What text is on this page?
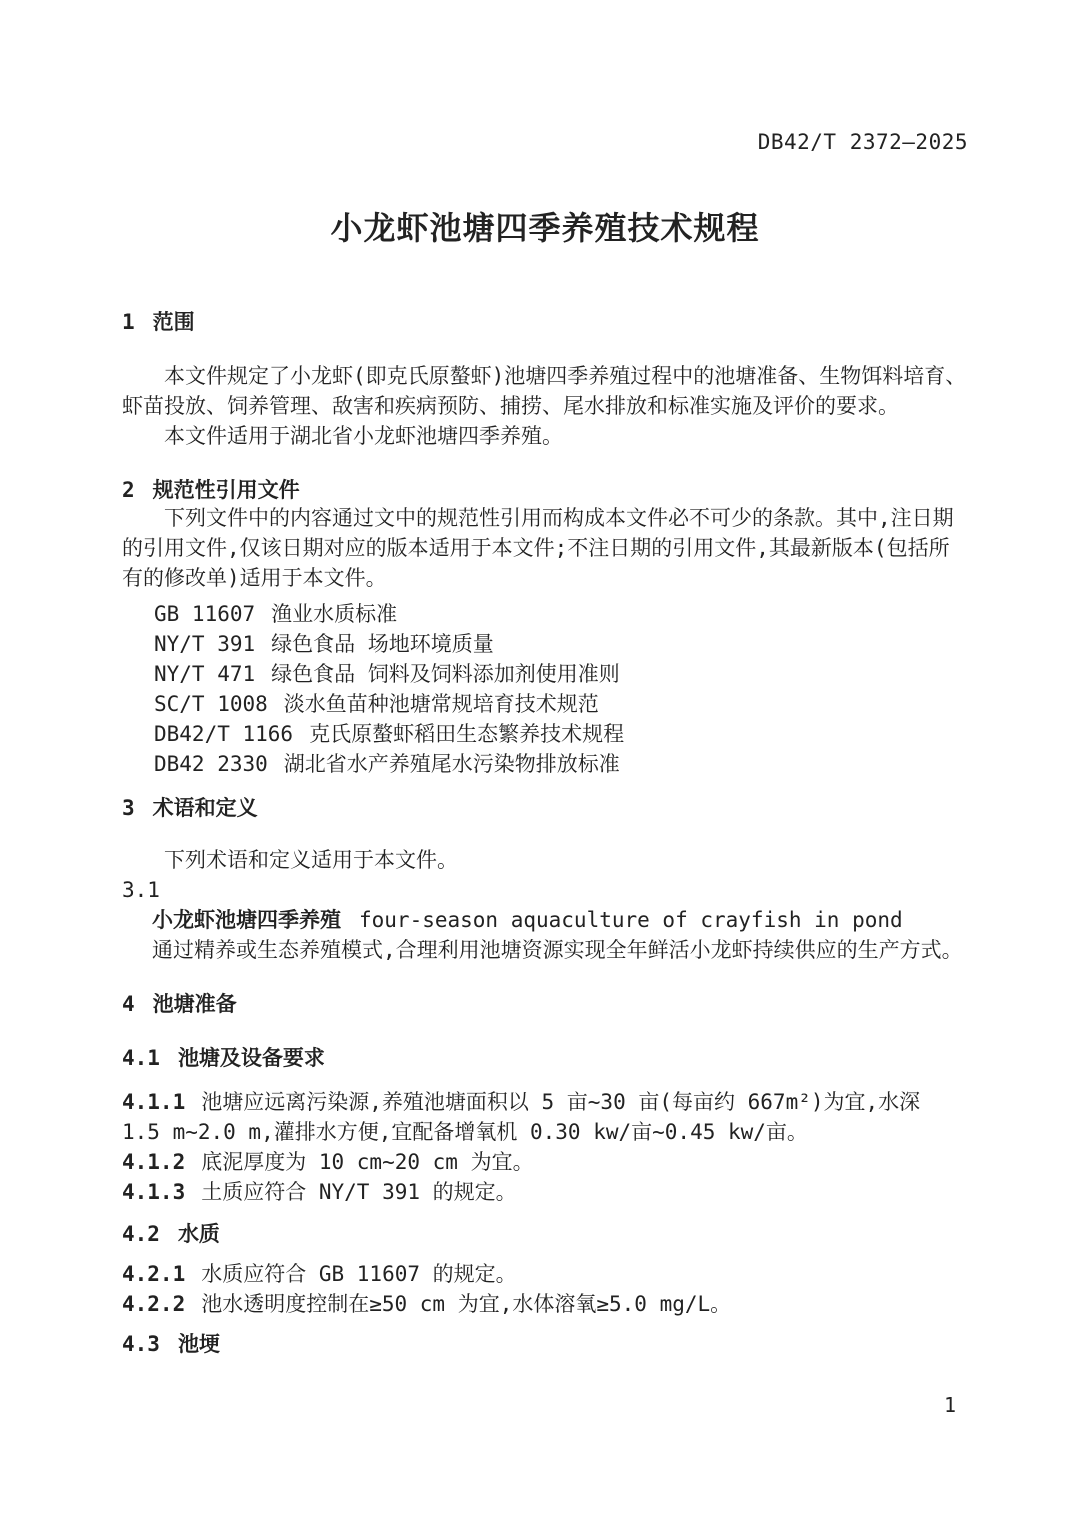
DB42/T 2372—2025
小龙虾池塘四季养殖技术规程
1 范围

本文件规定了小龙虾(即克氏原螯虾)池塘四季养殖过程中的池塘准备、生物饵料培育、虾苗投放、饲养管理、敌害和疾病预防、捕捞、尾水排放和标准实施及评价的要求。

本文件适用于湖北省小龙虾池塘四季养殖。

2 规范性引用文件

下列文件中的内容通过文中的规范性引用而构成本文件必不可少的条款。其中,注日期的引用文件,仅该日期对应的版本适用于本文件;不注日期的引用文件,其最新版本(包括所有的修改单)适用于本文件。

GB 11607 渔业水质标准

NY/T 391 绿色食品 场地环境质量

NY/T 471 绿色食品 饲料及饲料添加剂使用准则

SC/T 1008 淡水鱼苗种池塘常规培育技术规范

DB42/T 1166 克氏原螯虾稻田生态繁养技术规程

DB42 2330 湖北省水产养殖尾水污染物排放标准

3 术语和定义

下列术语和定义适用于本文件。

3.1

小龙虾池塘四季养殖 four-season aquaculture of crayfish in pond

通过精养或生态养殖模式,合理利用池塘资源实现全年鲜活小龙虾持续供应的生产方式。

4 池塘准备
4.1 池塘及设备要求

4.1.1 池塘应远离污染源,养殖池塘面积以 5 亩~30 亩(每亩约 667m²)为宜,水深 1.5 m~2.0 m,灌排水方便,宜配备增氧机 0.30 kw/亩~0.45 kw/亩。

4.1.2 底泥厚度为 10 cm~20 cm 为宜。

4.1.3 土质应符合 NY/T 391 的规定。

4.2 水质

4.2.1 水质应符合 GB 11607 的规定。

4.2.2 池水透明度控制在≥50 cm 为宜,水体溶氧≥5.0 mg/L。

4.3 池埂
1
